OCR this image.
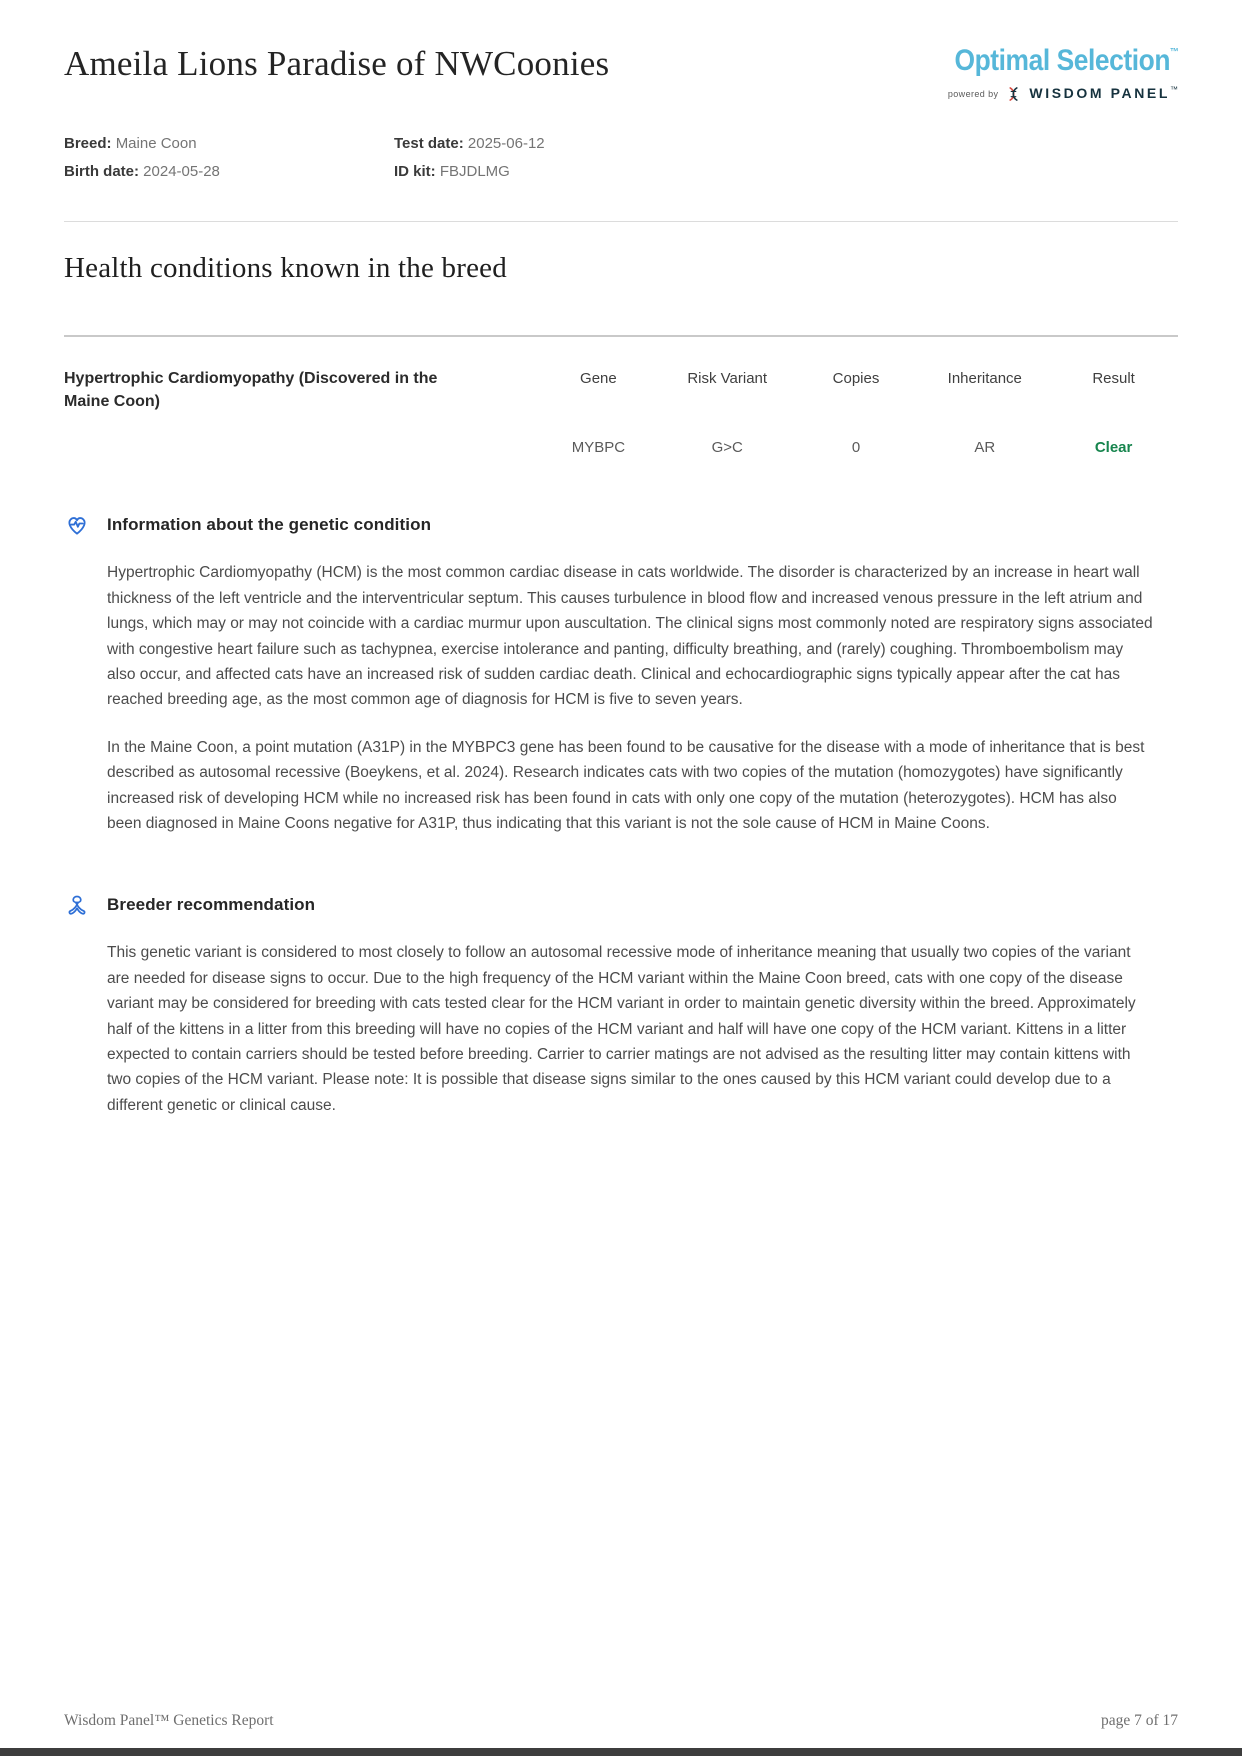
Ameila Lions Paradise of NWCoonies	Optimal Selection™
powered by WISDOM PANEL™
Breed: Maine Coon
Birth date: 2024-05-28
Test date: 2025-06-12
ID kit: FBJDLMG
Health conditions known in the breed
Hypertrophic Cardiomyopathy (Discovered in the Maine Coon)
Gene	Risk Variant	Copies	Inheritance	Result
MYBPC	G>C	0	AR	Clear
Information about the genetic condition

Hypertrophic Cardiomyopathy (HCM) is the most common cardiac disease in cats worldwide. The disorder is characterized by an increase in heart wall thickness of the left ventricle and the interventricular septum. This causes turbulence in blood flow and increased venous pressure in the left atrium and lungs, which may or may not coincide with a cardiac murmur upon auscultation. The clinical signs most commonly noted are respiratory signs associated with congestive heart failure such as tachypnea, exercise intolerance and panting, difficulty breathing, and (rarely) coughing. Thromboembolism may also occur, and affected cats have an increased risk of sudden cardiac death. Clinical and echocardiographic signs typically appear after the cat has reached breeding age, as the most common age of diagnosis for HCM is five to seven years.

In the Maine Coon, a point mutation (A31P) in the MYBPC3 gene has been found to be causative for the disease with a mode of inheritance that is best described as autosomal recessive (Boeykens, et al. 2024). Research indicates cats with two copies of the mutation (homozygotes) have significantly increased risk of developing HCM while no increased risk has been found in cats with only one copy of the mutation (heterozygotes). HCM has also been diagnosed in Maine Coons negative for A31P, thus indicating that this variant is not the sole cause of HCM in Maine Coons.

Breeder recommendation

This genetic variant is considered to most closely to follow an autosomal recessive mode of inheritance meaning that usually two copies of the variant are needed for disease signs to occur. Due to the high frequency of the HCM variant within the Maine Coon breed, cats with one copy of the disease variant may be considered for breeding with cats tested clear for the HCM variant in order to maintain genetic diversity within the breed. Approximately half of the kittens in a litter from this breeding will have no copies of the HCM variant and half will have one copy of the HCM variant. Kittens in a litter expected to contain carriers should be tested before breeding. Carrier to carrier matings are not advised as the resulting litter may contain kittens with two copies of the HCM variant. Please note: It is possible that disease signs similar to the ones caused by this HCM variant could develop due to a different genetic or clinical cause.

Wisdom Panel™ Genetics Report	page 7 of 17
